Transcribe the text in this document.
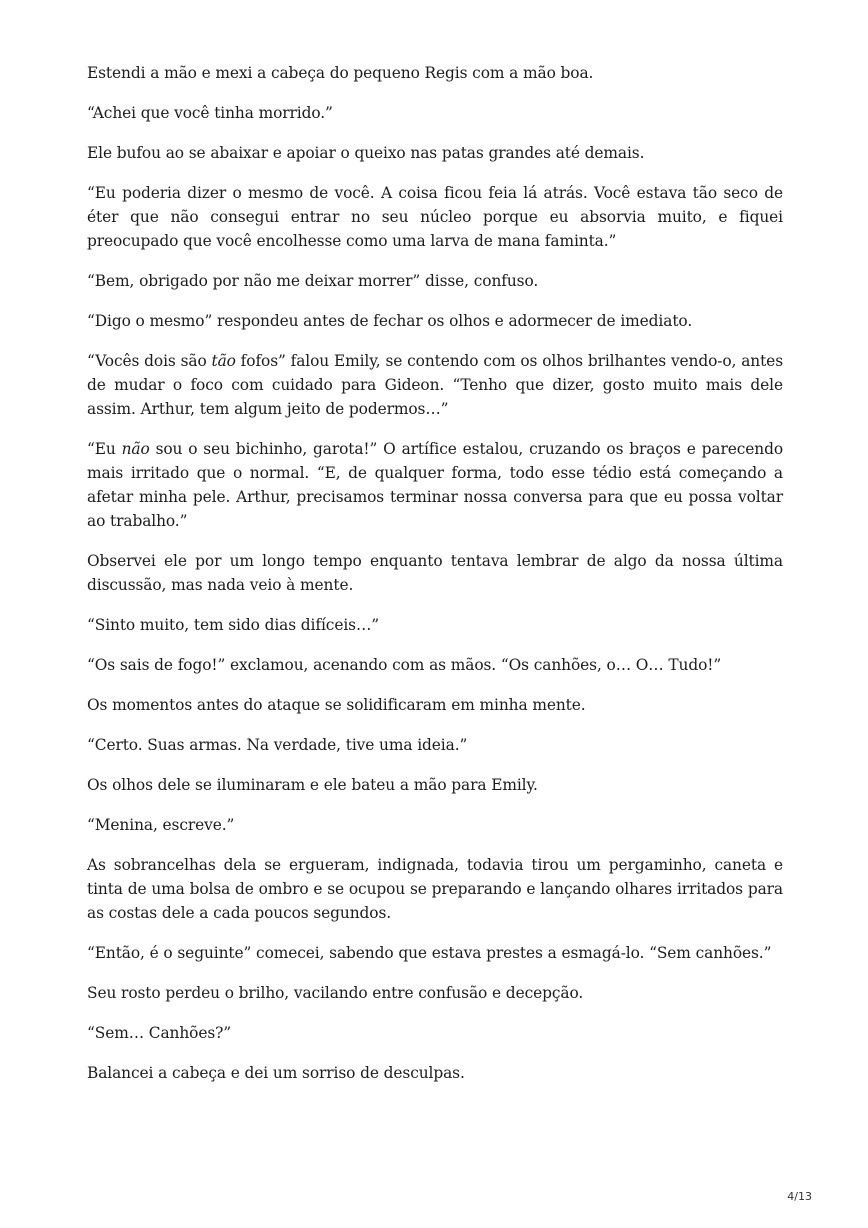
Estendi a mão e mexi a cabeça do pequeno Regis com a mão boa.

“Achei que você tinha morrido.”

Ele bufou ao se abaixar e apoiar o queixo nas patas grandes até demais.

“Eu poderia dizer o mesmo de você. A coisa ficou feia lá atrás. Você estava tão seco de éter que não consegui entrar no seu núcleo porque eu absorvia muito, e fiquei preocupado que você encolhesse como uma larva de mana faminta.”

“Bem, obrigado por não me deixar morrer” disse, confuso.

“Digo o mesmo” respondeu antes de fechar os olhos e adormecer de imediato.

“Vocês dois são tão fofos” falou Emily, se contendo com os olhos brilhantes vendo-o, antes de mudar o foco com cuidado para Gideon. “Tenho que dizer, gosto muito mais dele assim. Arthur, tem algum jeito de podermos…”

“Eu não sou o seu bichinho, garota!” O artífice estalou, cruzando os braços e parecendo mais irritado que o normal. “E, de qualquer forma, todo esse tédio está começando a afetar minha pele. Arthur, precisamos terminar nossa conversa para que eu possa voltar ao trabalho.”

Observei ele por um longo tempo enquanto tentava lembrar de algo da nossa última discussão, mas nada veio à mente.

“Sinto muito, tem sido dias difíceis…”

“Os sais de fogo!” exclamou, acenando com as mãos. “Os canhões, o… O… Tudo!”

Os momentos antes do ataque se solidificaram em minha mente.

“Certo. Suas armas. Na verdade, tive uma ideia.”

Os olhos dele se iluminaram e ele bateu a mão para Emily.

“Menina, escreve.”

As sobrancelhas dela se ergueram, indignada, todavia tirou um pergaminho, caneta e tinta de uma bolsa de ombro e se ocupou se preparando e lançando olhares irritados para as costas dele a cada poucos segundos.

“Então, é o seguinte” comecei, sabendo que estava prestes a esmagá-lo. “Sem canhões.”

Seu rosto perdeu o brilho, vacilando entre confusão e decepção.

“Sem… Canhões?”

Balancei a cabeça e dei um sorriso de desculpas.

4/13
